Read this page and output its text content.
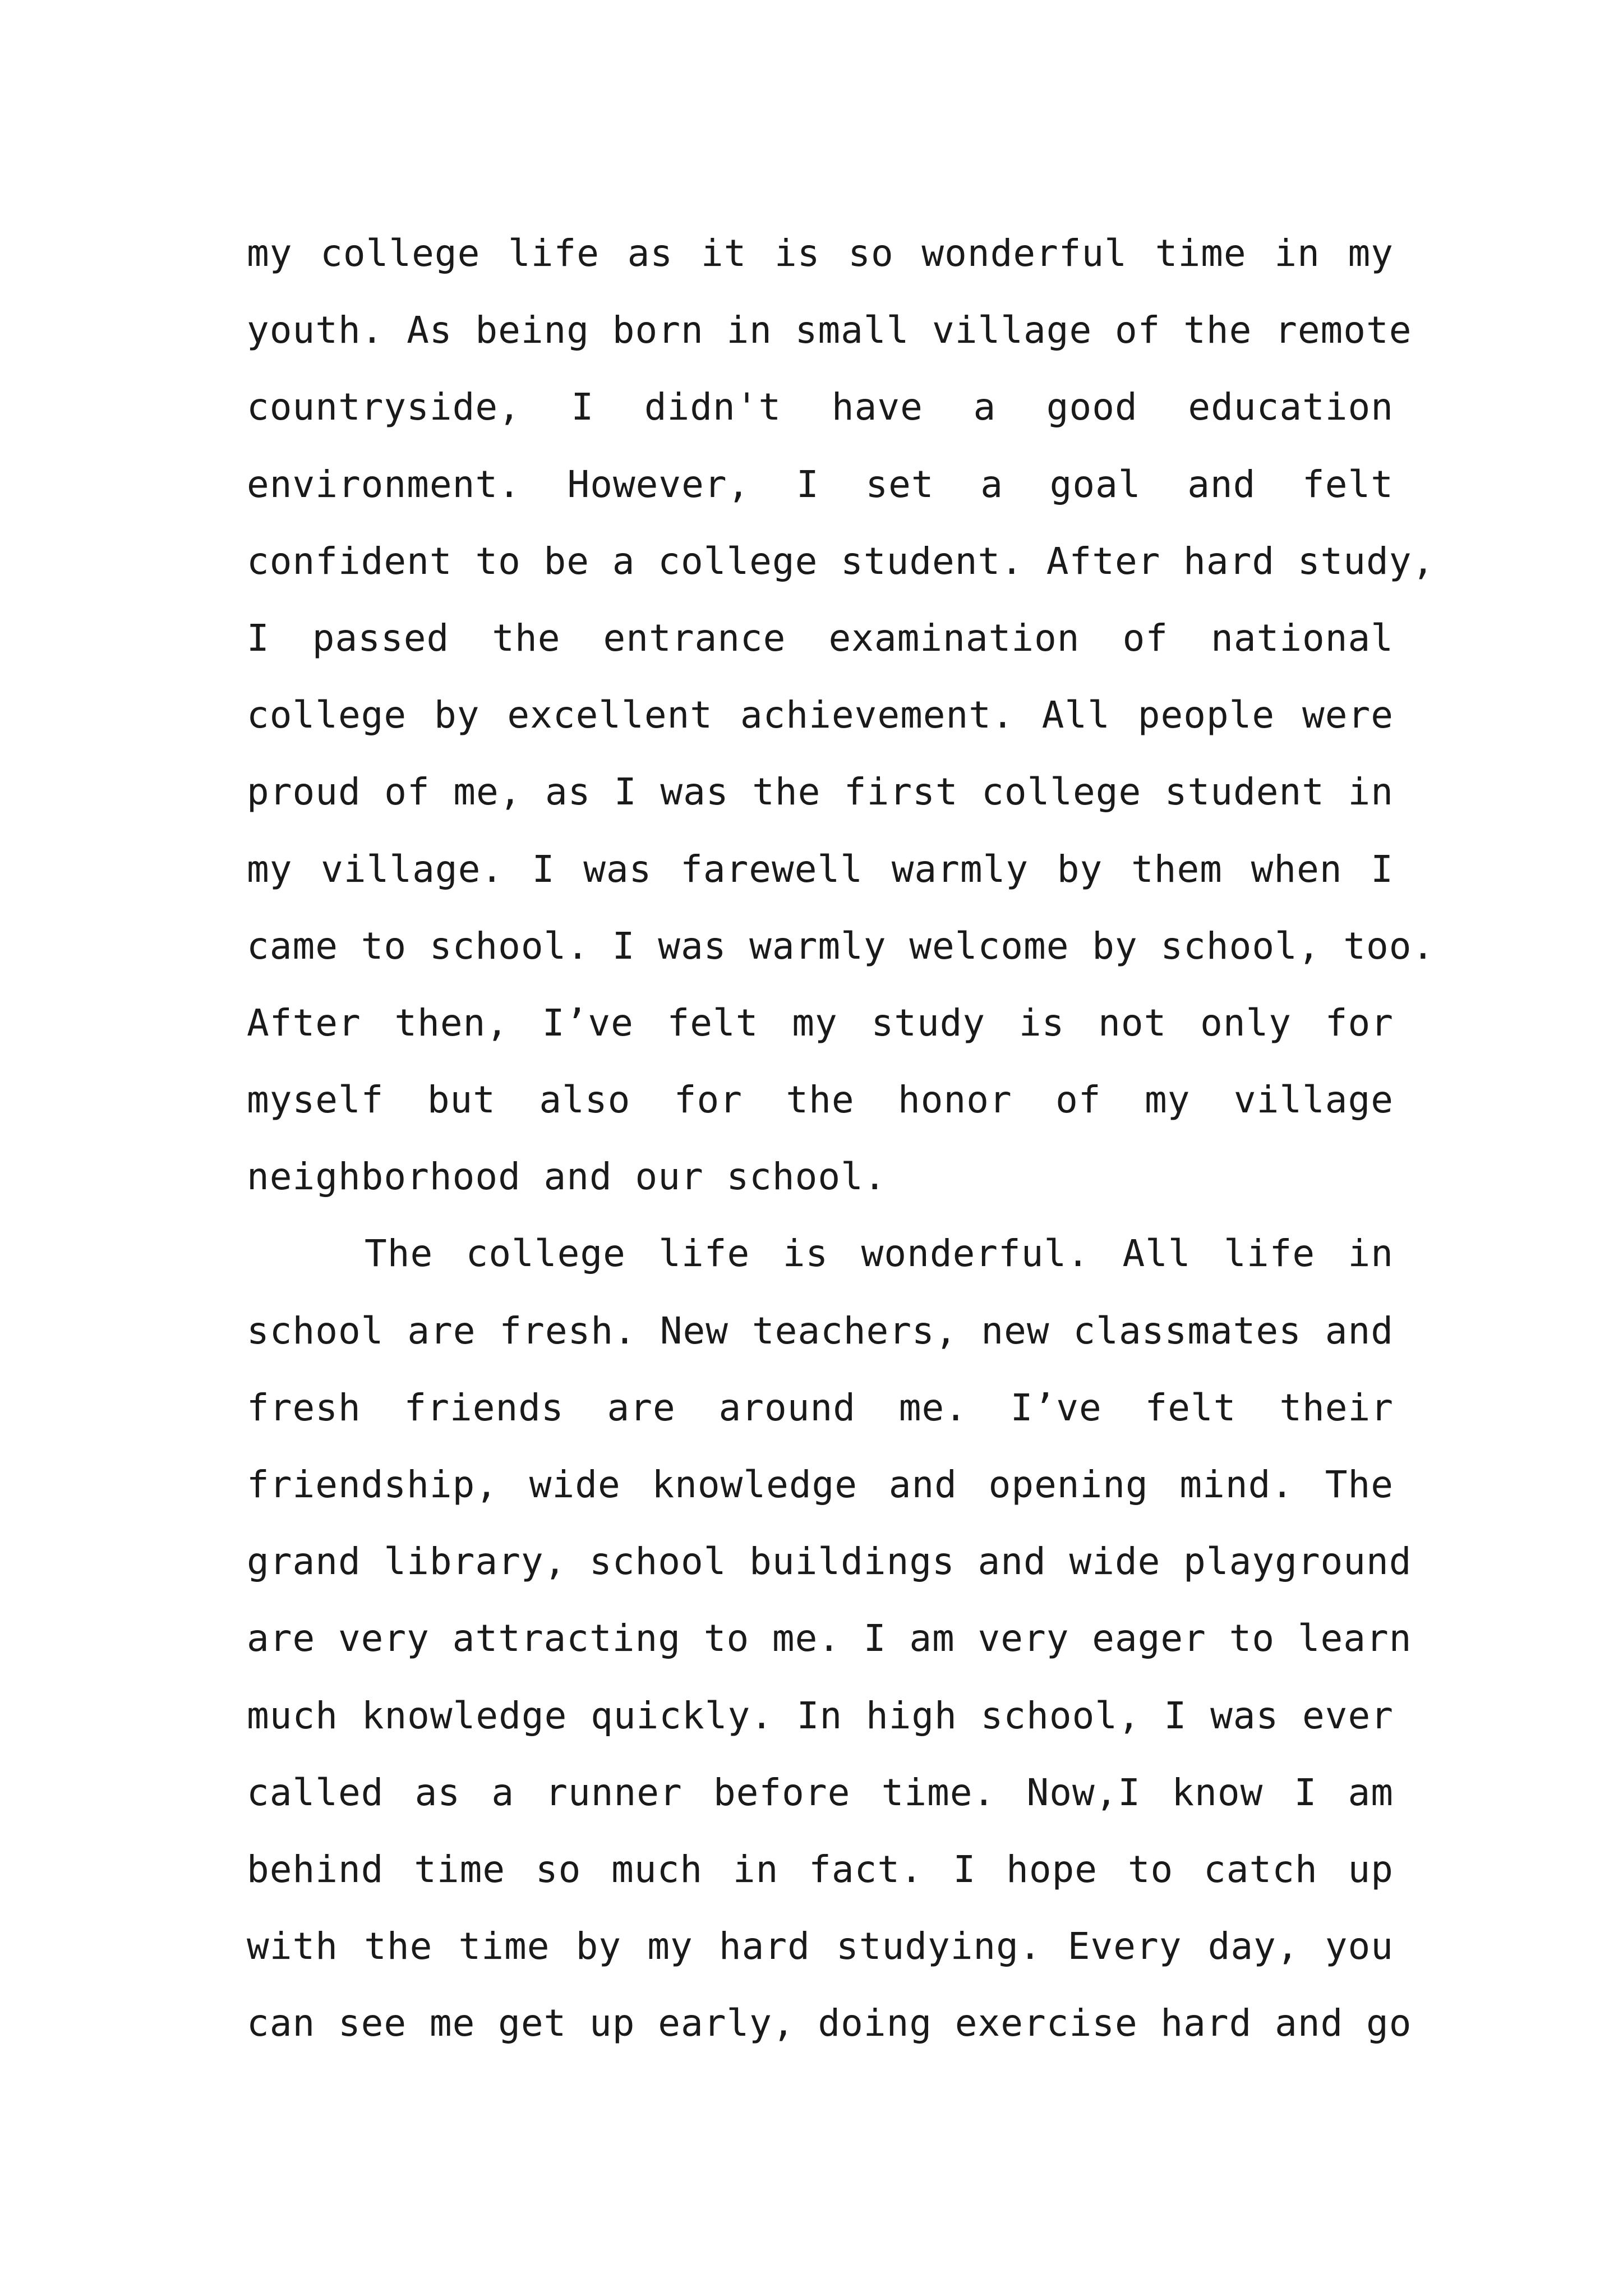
my college life as it is so wonderful time in my
youth. As being born in small village of the remote
countryside, I didn't have a good education
environment. However, I set a goal and felt
confident to be a college student. After hard study,
I passed the entrance examination of national
college by excellent achievement. All people were
proud of me, as I was the first college student in
my village. I was farewell warmly by them when I
came to school. I was warmly welcome by school, too.
After then, I’ve felt my study is not only for
myself but also for the honor of my village
neighborhood and our school.
The college life is wonderful. All life in
school are fresh. New teachers, new classmates and
fresh friends are around me. I’ve felt their
friendship, wide knowledge and opening mind. The
grand library, school buildings and wide playground
are very attracting to me. I am very eager to learn
much knowledge quickly. In high school, I was ever
called as a runner before time. Now,I know I am
behind time so much in fact. I hope to catch up
with the time by my hard studying. Every day, you
can see me get up early, doing exercise hard and go
